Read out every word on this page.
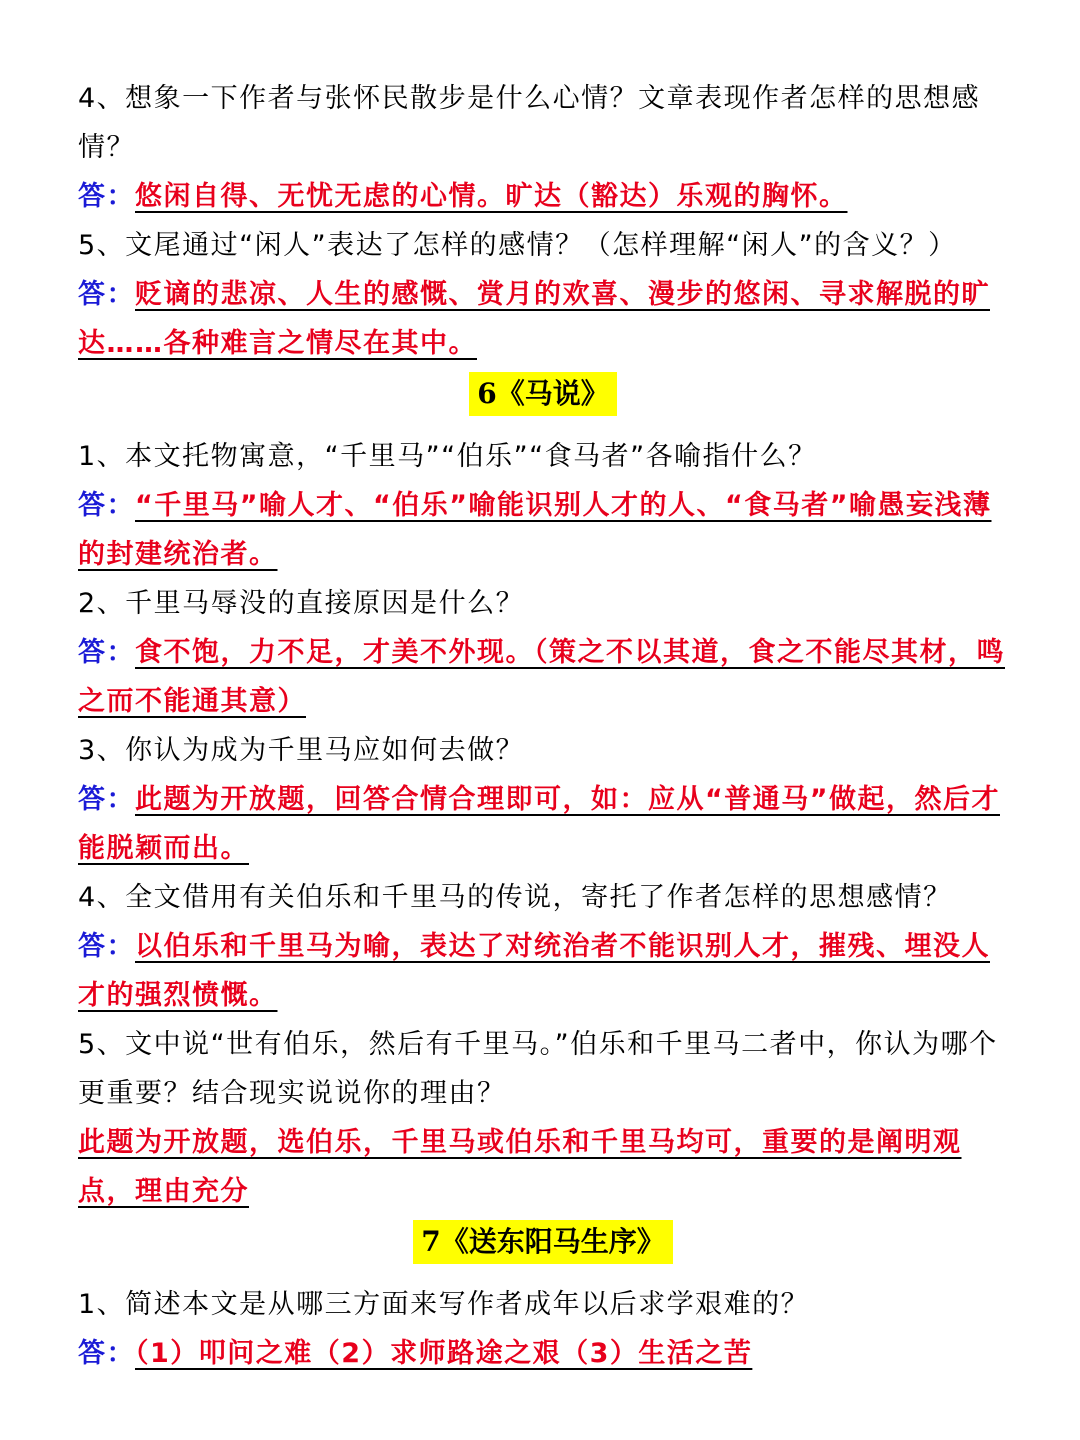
4、想象一下作者与张怀民散步是什么心情？文章表现作者怎样的思想感情？

答：悠闲自得、无忧无虑的心情。旷达（豁达）乐观的胸怀。

5、文尾通过“闲人”表达了怎样的感情？（怎样理解“闲人”的含义？）

答：贬谪的悲凉、人生的感慨、赏月的欢喜、漫步的悠闲、寻求解脱的旷达……各种难言之情尽在其中。

6《马说》

1、本文托物寓意，“千里马”“伯乐”“食马者”各喻指什么？

答：“千里马”喻人才、“伯乐”喻能识别人才的人、“食马者”喻愚妄浅薄的封建统治者。

2、千里马辱没的直接原因是什么？

答：食不饱，力不足，才美不外现。（策之不以其道，食之不能尽其材，鸣之而不能通其意）

3、你认为成为千里马应如何去做？

答：此题为开放题，回答合情合理即可，如：应从“普通马”做起，然后才能脱颖而出。

4、全文借用有关伯乐和千里马的传说，寄托了作者怎样的思想感情？

答：以伯乐和千里马为喻，表达了对统治者不能识别人才，摧残、埋没人才的强烈愤慨。

5、文中说“世有伯乐，然后有千里马。”伯乐和千里马二者中，你认为哪个更重要？结合现实说说你的理由？

此题为开放题，选伯乐，千里马或伯乐和千里马均可，重要的是阐明观点，理由充分

7《送东阳马生序》

1、简述本文是从哪三方面来写作者成年以后求学艰难的？

答：（1）叩问之难（2）求师路途之艰（3）生活之苦
